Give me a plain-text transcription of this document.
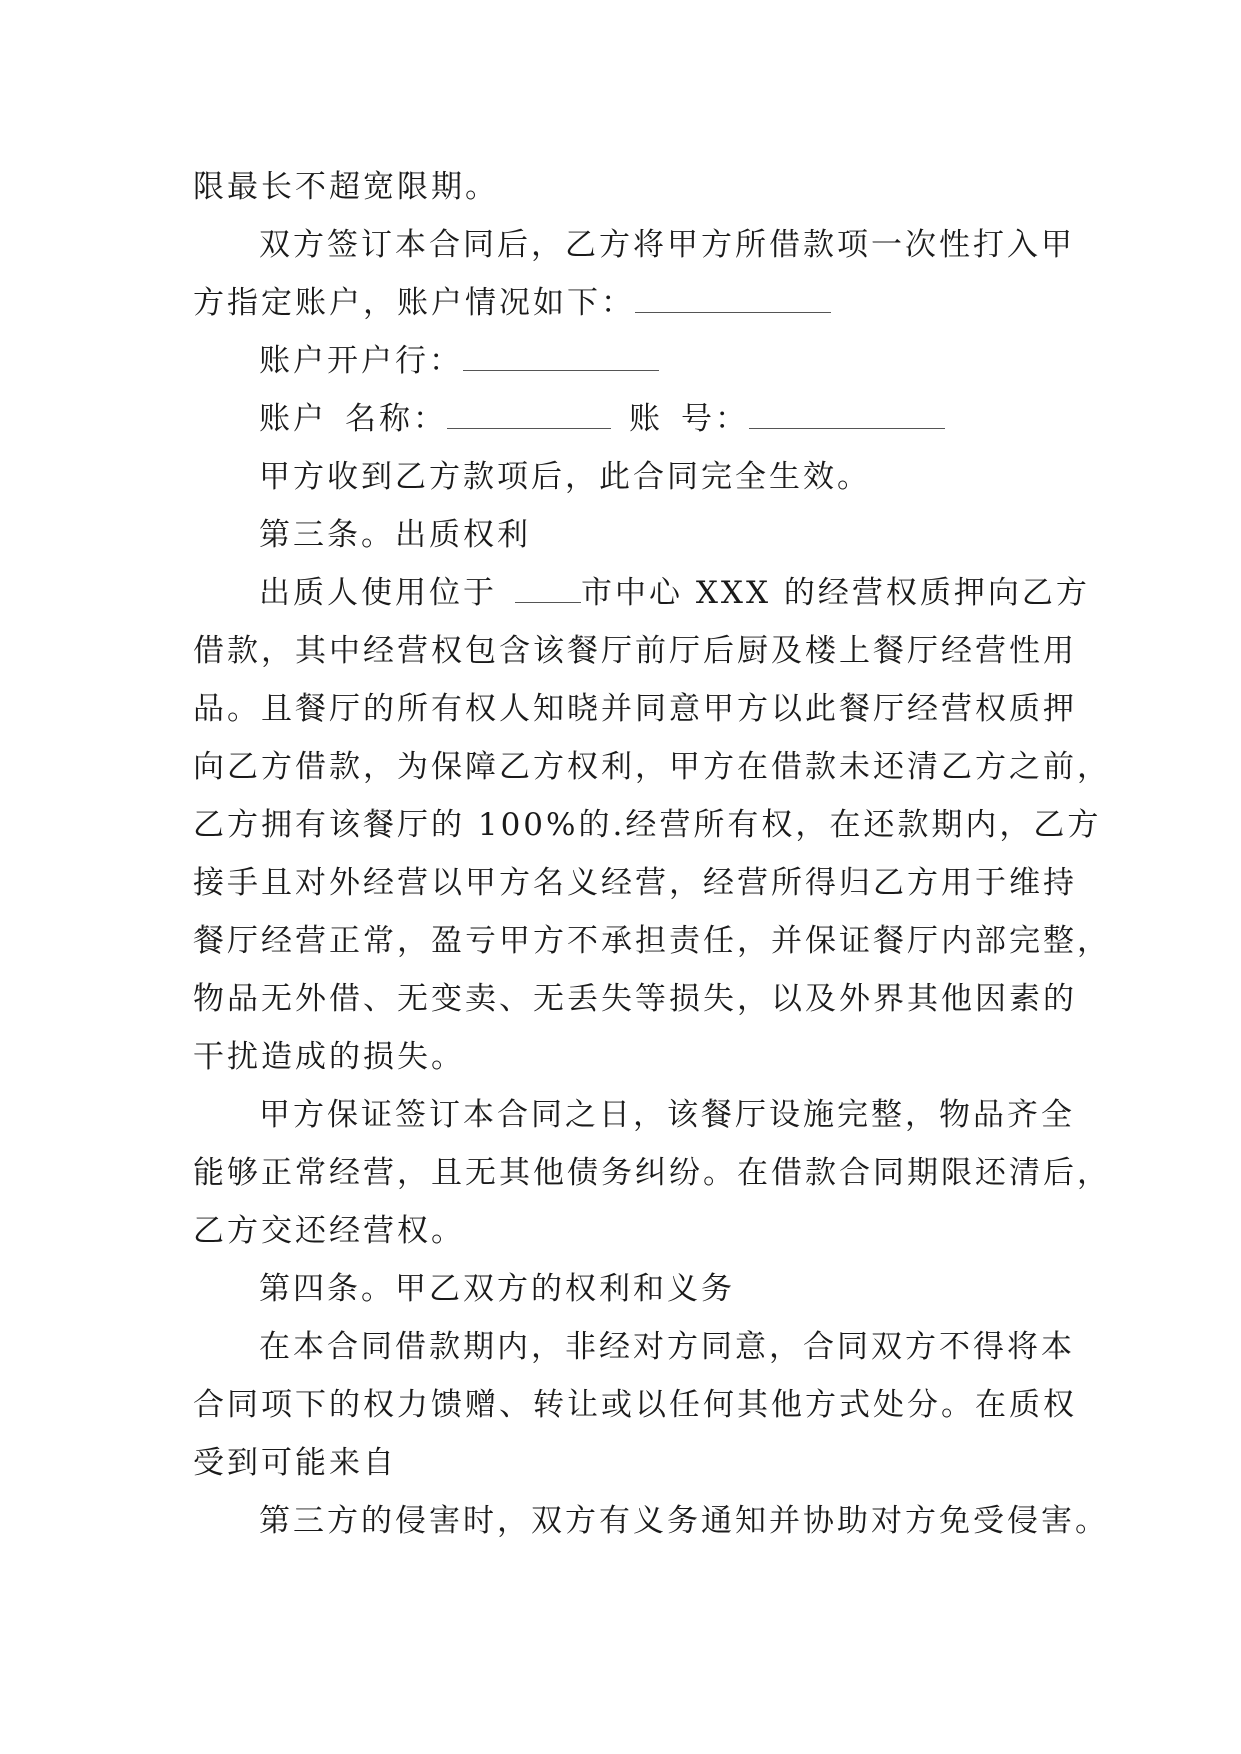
限最长不超宽限期。
双方签订本合同后，乙方将甲方所借款项一次性打入甲
方指定账户，账户情况如下：
账户开户行：
账户 名称：	账 号：
甲方收到乙方款项后，此合同完全生效。
第三条。出质权利
出质人使用位于	市中心 XXX 的经营权质押向乙方
借款，其中经营权包含该餐厅前厅后厨及楼上餐厅经营性用
品。且餐厅的所有权人知晓并同意甲方以此餐厅经营权质押
向乙方借款，为保障乙方权利，甲方在借款未还清乙方之前，
乙方拥有该餐厅的 100%的.经营所有权，在还款期内，乙方
接手且对外经营以甲方名义经营，经营所得归乙方用于维持
餐厅经营正常，盈亏甲方不承担责任，并保证餐厅内部完整，
物品无外借、无变卖、无丢失等损失，以及外界其他因素的
干扰造成的损失。
甲方保证签订本合同之日，该餐厅设施完整，物品齐全
能够正常经营，且无其他债务纠纷。在借款合同期限还清后，
乙方交还经营权。
第四条。甲乙双方的权利和义务
在本合同借款期内，非经对方同意，合同双方不得将本
合同项下的权力馈赠、转让或以任何其他方式处分。在质权
受到可能来自
第三方的侵害时，双方有义务通知并协助对方免受侵害。
